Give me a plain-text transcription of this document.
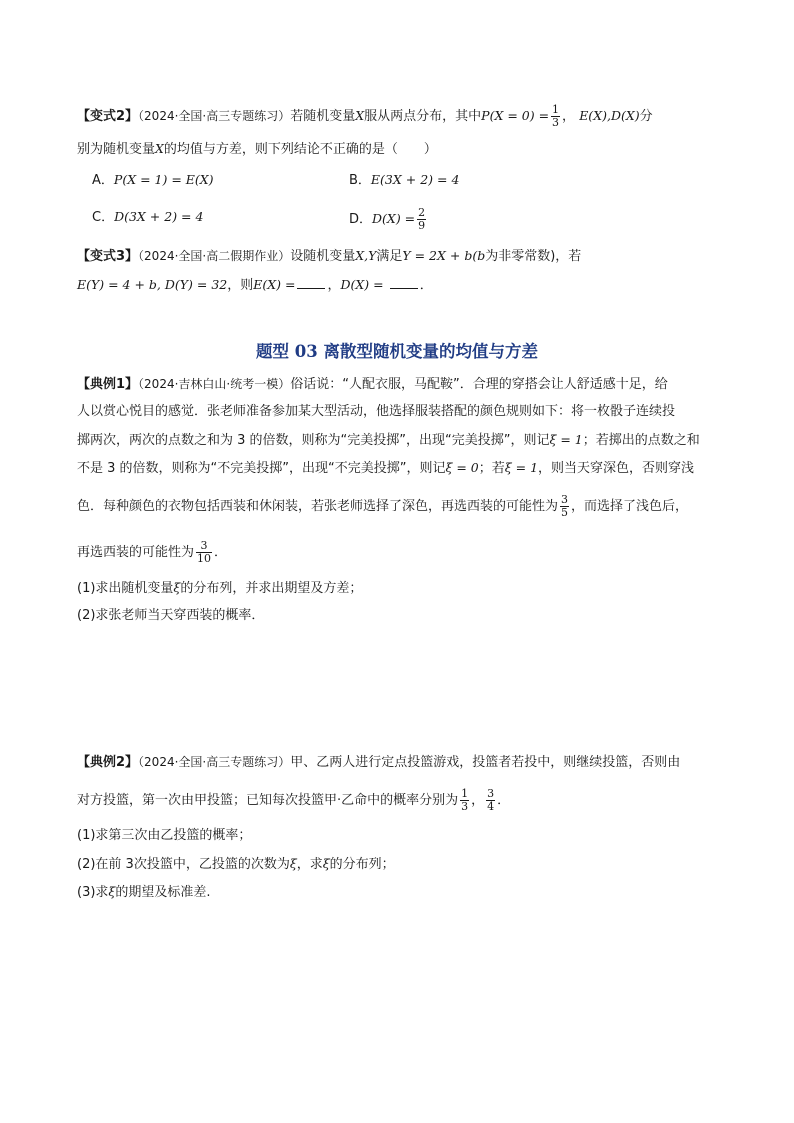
【变式2】（2024·全国·高三专题练习）若随机变量X服从两点分布，其中$P(X = 0) = \frac{1}{3}$ ， E(X),D(X)分
别为随机变量X的均值与方差，则下列结论不正确的是（　　）
A．P(X = 1) = E(X)	B．E(3X + 2) = 4
C．D(3X + 2) = 4	D．$D(X) = \frac{2}{9}$
【变式3】（2024·全国·高二假期作业）设随机变量X,Y满足Y = 2X + b(b为非零常数)，若
E(Y) = 4 + b, D(Y) = 32，则E(X) = ，D(X) =	．
题型 03 离散型随机变量的均值与方差
【典例1】（2024·吉林白山·统考一模）俗话说：“人配衣服，马配鞍”．合理的穿搭会让人舒适感十足，给
人以赏心悦目的感觉．张老师准备参加某大型活动，他选择服装搭配的颜色规则如下：将一枚骰子连续投
掷两次，两次的点数之和为 3 的倍数，则称为“完美投掷”，出现“完美投掷”，则记ξ = 1；若掷出的点数之和
不是 3 的倍数，则称为“不完美投掷”，出现“不完美投掷”，则记ξ = 0；若ξ = 1，则当天穿深色，否则穿浅
色．每种颜色的衣物包括西装和休闲装，若张老师选择了深色，再选西装的可能性为 $\frac{3}{5}$ ，而选择了浅色后，
再选西装的可能性为 $\frac{3}{10}$ ．
(1)求出随机变量ξ的分布列，并求出期望及方差；
(2)求张老师当天穿西装的概率．
【典例2】（2024·全国·高三专题练习）甲、乙两人进行定点投篮游戏，投篮者若投中，则继续投篮，否则由
对方投篮，第一次由甲投篮；已知每次投篮甲·乙命中的概率分别为 $\frac{1}{3}$ ， $\frac{3}{4}$ ．
(1)求第三次由乙投篮的概率；
(2)在前 3次投篮中，乙投篮的次数为ξ，求ξ的分布列；
(3)求ξ的期望及标准差.
